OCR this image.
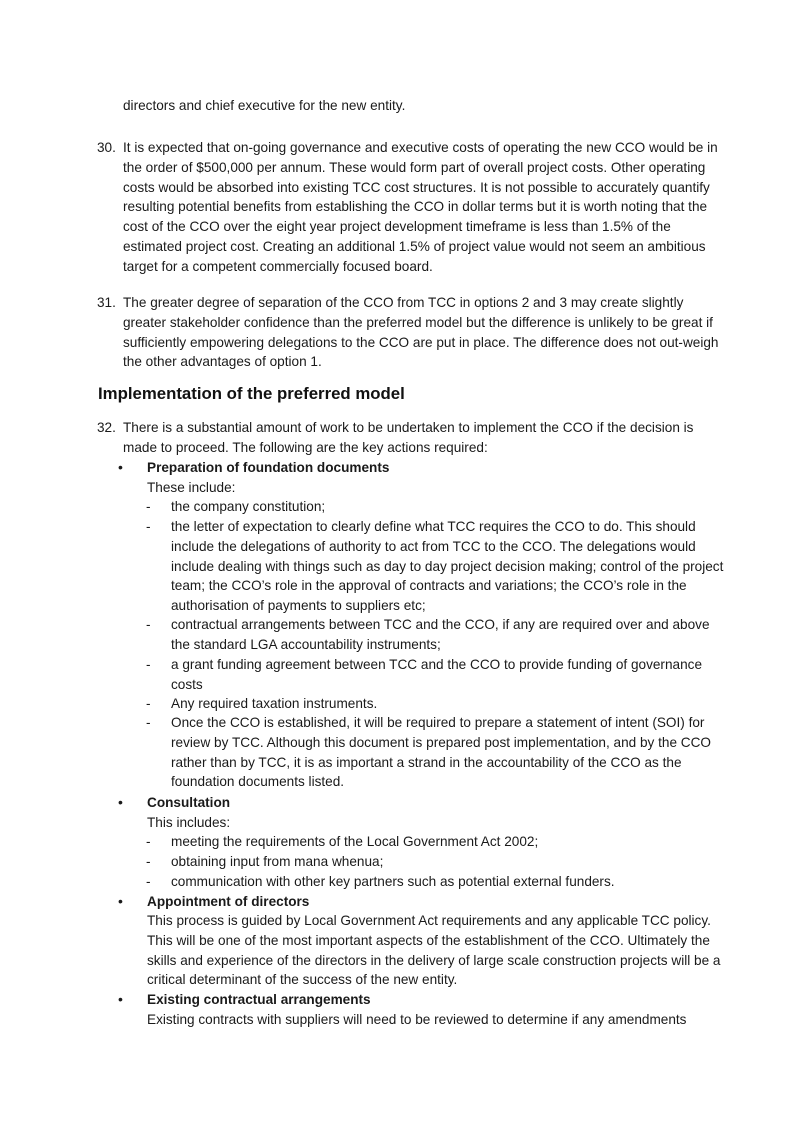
directors and chief executive for the new entity.

30. It is expected that on-going governance and executive costs of operating the new CCO would be in the order of $500,000 per annum. These would form part of overall project costs. Other operating costs would be absorbed into existing TCC cost structures. It is not possible to accurately quantify resulting potential benefits from establishing the CCO in dollar terms but it is worth noting that the cost of the CCO over the eight year project development timeframe is less than 1.5% of the estimated project cost. Creating an additional 1.5% of project value would not seem an ambitious target for a competent commercially focused board.
31. The greater degree of separation of the CCO from TCC in options 2 and 3 may create slightly greater stakeholder confidence than the preferred model but the difference is unlikely to be great if sufficiently empowering delegations to the CCO are put in place. The difference does not out-weigh the other advantages of option 1.
Implementation of the preferred model
32. There is a substantial amount of work to be undertaken to implement the CCO if the decision is made to proceed. The following are the key actions required:
• Preparation of foundation documents
These include:
- the company constitution;
- the letter of expectation to clearly define what TCC requires the CCO to do. This should include the delegations of authority to act from TCC to the CCO. The delegations would include dealing with things such as day to day project decision making; control of the project team; the CCO’s role in the approval of contracts and variations; the CCO’s role in the authorisation of payments to suppliers etc;
- contractual arrangements between TCC and the CCO, if any are required over and above the standard LGA accountability instruments;
- a grant funding agreement between TCC and the CCO to provide funding of governance costs
- Any required taxation instruments.
- Once the CCO is established, it will be required to prepare a statement of intent (SOI) for review by TCC. Although this document is prepared post implementation, and by the CCO rather than by TCC, it is as important a strand in the accountability of the CCO as the foundation documents listed.
• Consultation
This includes:
- meeting the requirements of the Local Government Act 2002;
- obtaining input from mana whenua;
- communication with other key partners such as potential external funders.
• Appointment of directors
This process is guided by Local Government Act requirements and any applicable TCC policy. This will be one of the most important aspects of the establishment of the CCO. Ultimately the skills and experience of the directors in the delivery of large scale construction projects will be a critical determinant of the success of the new entity.
• Existing contractual arrangements
Existing contracts with suppliers will need to be reviewed to determine if any amendments
